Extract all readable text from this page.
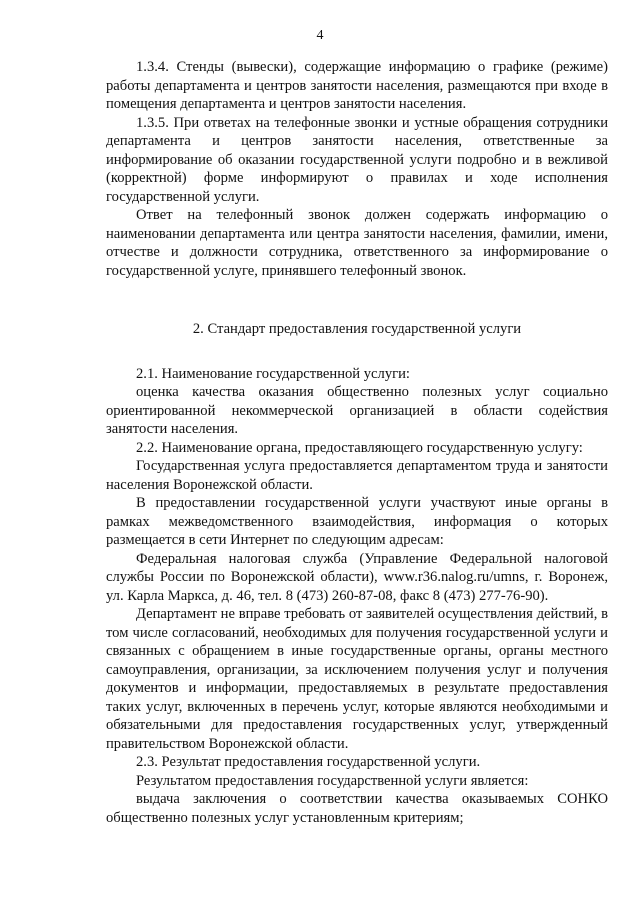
4

1.3.4. Стенды (вывески), содержащие информацию о графике (режиме) работы департамента и центров занятости населения, размещаются при входе в помещения департамента и центров занятости населения.

1.3.5. При ответах на телефонные звонки и устные обращения сотрудники департамента и центров занятости населения, ответственные за информирование об оказании государственной услуги подробно и в вежливой (корректной) форме информируют о правилах и ходе исполнения государственной услуги.

Ответ на телефонный звонок должен содержать информацию о наименовании департамента или центра занятости населения, фамилии, имени, отчестве и должности сотрудника, ответственного за информирование о государственной услуге, принявшего телефонный звонок.

2. Стандарт предоставления государственной услуги

2.1. Наименование государственной услуги:

оценка качества оказания общественно полезных услуг социально ориентированной некоммерческой организацией в области содействия занятости населения.

2.2. Наименование органа, предоставляющего государственную услугу:

Государственная услуга предоставляется департаментом труда и занятости населения Воронежской области.

В предоставлении государственной услуги участвуют иные органы в рамках межведомственного взаимодействия, информация о которых размещается в сети Интернет по следующим адресам:

Федеральная налоговая служба (Управление Федеральной налоговой службы России по Воронежской области), www.r36.nalog.ru/umns, г. Воронеж, ул. Карла Маркса, д. 46, тел. 8 (473) 260-87-08, факс 8 (473) 277-76-90).

Департамент не вправе требовать от заявителей осуществления действий, в том числе согласований, необходимых для получения государственной услуги и связанных с обращением в иные государственные органы, органы местного самоуправления, организации, за исключением получения услуг и получения документов и информации, предоставляемых в результате предоставления таких услуг, включенных в перечень услуг, которые являются необходимыми и обязательными для предоставления государственных услуг, утвержденный правительством Воронежской области.

2.3. Результат предоставления государственной услуги.

Результатом предоставления государственной услуги является:

выдача заключения о соответствии качества оказываемых СОНКО общественно полезных услуг установленным критериям;
